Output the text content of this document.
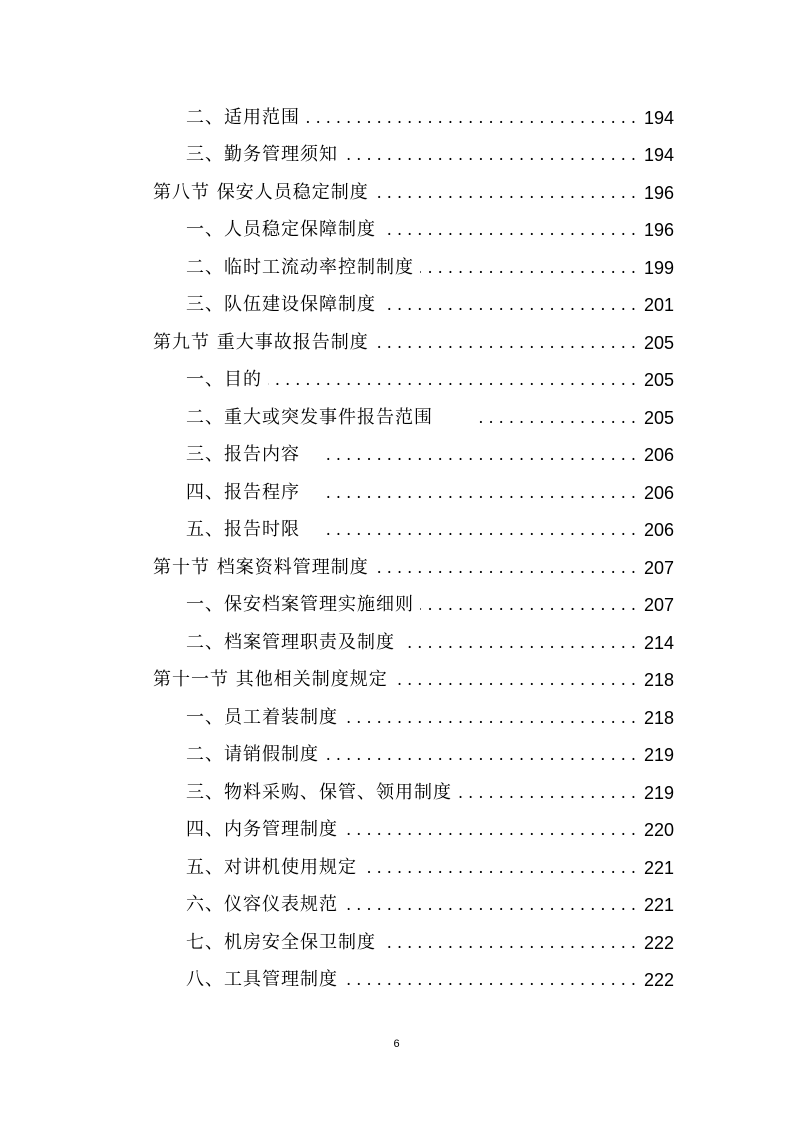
二、适用范围 . . .	194
三、勤务管理须知 . . .	194
第八节 保安人员稳定制度 . . .	196
一、人员稳定保障制度 . . .	196
二、临时工流动率控制制度 . . .	199
三、队伍建设保障制度 . . .	201
第九节 重大事故报告制度 . . .	205
一、目的 . . .	205
二、重大或突发事件报告范围 . . .	205
三、报告内容 . . .	206
四、报告程序 . . .	206
五、报告时限 . . .	206
第十节 档案资料管理制度 . . .	207
一、保安档案管理实施细则 . . .	207
二、档案管理职责及制度 . . .	214
第十一节 其他相关制度规定 . . .	218
一、员工着装制度 . . .	218
二、请销假制度 . . .	219
三、物料采购、保管、领用制度 . . .	219
四、内务管理制度 . . .	220
五、对讲机使用规定 . . .	221
六、仪容仪表规范 . . .	221
七、机房安全保卫制度 . . .	222
八、工具管理制度 . . .	222
6
